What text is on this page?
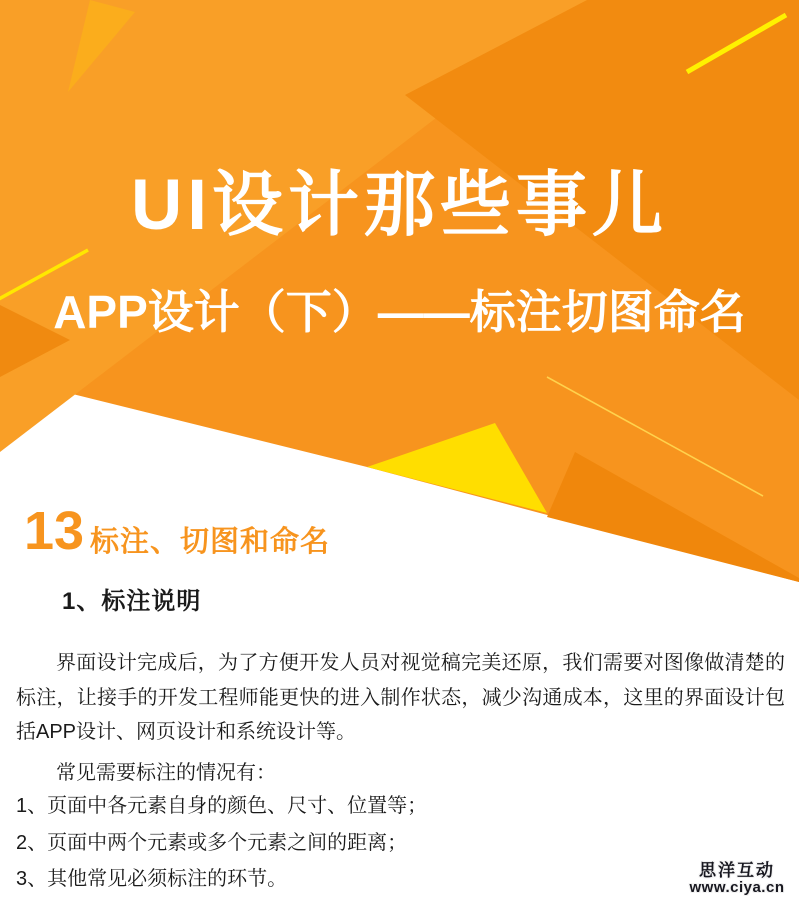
UI设计那些事儿
APP设计（下）——标注切图命名
13 标注、切图和命名
1、标注说明
界面设计完成后，为了方便开发人员对视觉稿完美还原，我们需要对图像做清楚的标注，让接手的开发工程师能更快的进入制作状态，减少沟通成本，这里的界面设计包括APP设计、网页设计和系统设计等。
常见需要标注的情况有：
1、页面中各元素自身的颜色、尺寸、位置等；
2、页面中两个元素或多个元素之间的距离；
3、其他常见必须标注的环节。	思洋互动
www.ciya.cn
